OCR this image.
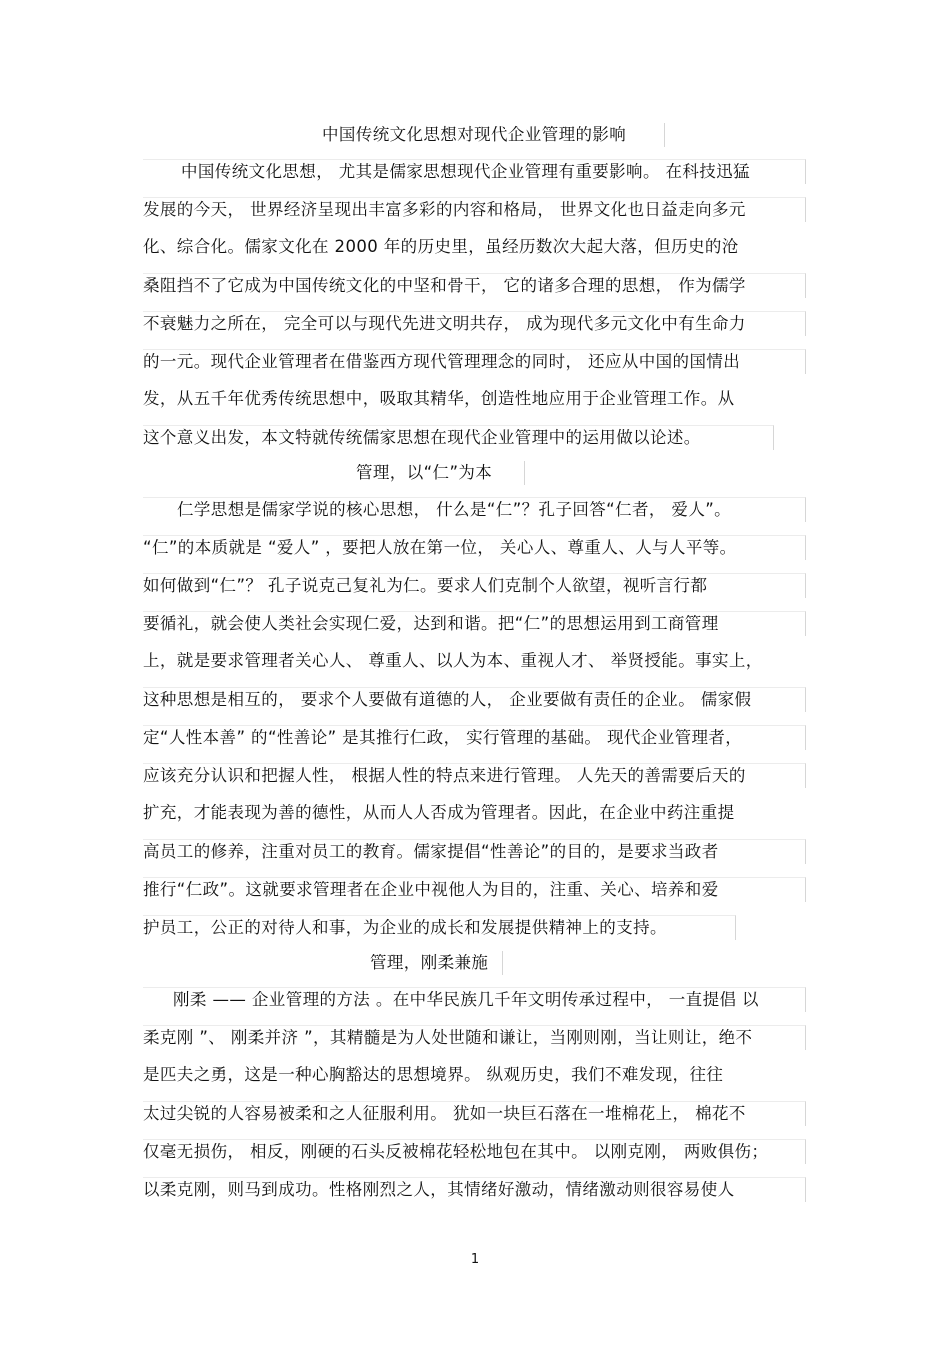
中国传统文化思想对现代企业管理的影响
中国传统文化思想， 尤其是儒家思想现代企业管理有重要影响。 在科技迅猛
发展的今天， 世界经济呈现出丰富多彩的内容和格局， 世界文化也日益走向多元
化、综合化。儒家文化在 2000 年的历史里，虽经历数次大起大落，但历史的沧
桑阻挡不了它成为中国传统文化的中坚和骨干， 它的诸多合理的思想， 作为儒学
不衰魅力之所在， 完全可以与现代先进文明共存， 成为现代多元文化中有生命力
的一元。现代企业管理者在借鉴西方现代管理理念的同时， 还应从中国的国情出
发，从五千年优秀传统思想中，吸取其精华，创造性地应用于企业管理工作。从
这个意义出发，本文特就传统儒家思想在现代企业管理中的运用做以论述。
管理，以“仁”为本
仁学思想是儒家学说的核心思想， 什么是“仁”？孔子回答“仁者， 爱人”。
“仁”的本质就是 “爱人” ，要把人放在第一位， 关心人、尊重人、人与人平等。
如何做到“仁”？ 孔子说克己复礼为仁。要求人们克制个人欲望，视听言行都
要循礼，就会使人类社会实现仁爱，达到和谐。把“仁”的思想运用到工商管理
上，就是要求管理者关心人、 尊重人、以人为本、重视人才、 举贤授能。事实上，
这种思想是相互的， 要求个人要做有道德的人， 企业要做有责任的企业。 儒家假
定“人性本善” 的“性善论” 是其推行仁政， 实行管理的基础。 现代企业管理者，
应该充分认识和把握人性， 根据人性的特点来进行管理。 人先天的善需要后天的
扩充，才能表现为善的德性，从而人人否成为管理者。因此，在企业中药注重提
高员工的修养，注重对员工的教育。儒家提倡“性善论”的目的，是要求当政者
推行“仁政”。这就要求管理者在企业中视他人为目的，注重、关心、培养和爱
护员工，公正的对待人和事，为企业的成长和发展提供精神上的支持。
管理，刚柔兼施
刚柔 —— 企业管理的方法 。在中华民族几千年文明传承过程中， 一直提倡 以
柔克刚 ”、 刚柔并济 ”，其精髓是为人处世随和谦让，当刚则刚，当让则让，绝不
是匹夫之勇，这是一种心胸豁达的思想境界。 纵观历史，我们不难发现，往往
太过尖锐的人容易被柔和之人征服利用。 犹如一块巨石落在一堆棉花上， 棉花不
仅毫无损伤， 相反，刚硬的石头反被棉花轻松地包在其中。 以刚克刚， 两败俱伤；
以柔克刚，则马到成功。性格刚烈之人，其情绪好激动，情绪激动则很容易使人
1
